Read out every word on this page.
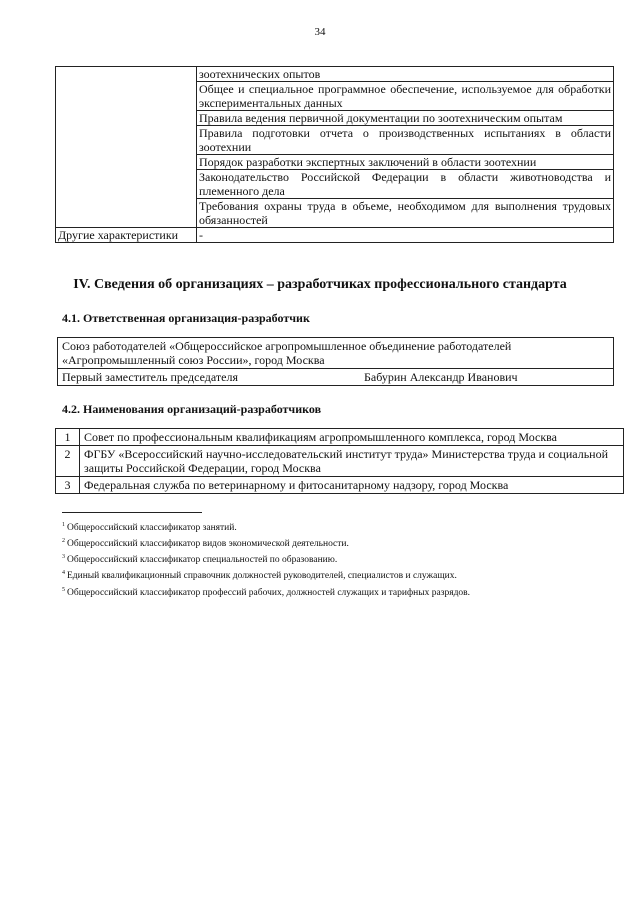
34
	зоотехнических опытов
	Общее и специальное программное обеспечение, используемое для обработки экспериментальных данных
	Правила ведения первичной документации по зоотехническим опытам
	Правила подготовки отчета о производственных испытаниях в области зоотехнии
	Порядок разработки экспертных заключений в области зоотехнии
	Законодательство Российской Федерации в области животноводства и племенного дела
	Требования охраны труда в объеме, необходимом для выполнения трудовых обязанностей
Другие характеристики	-
IV. Сведения об организациях – разработчиках профессионального стандарта
4.1. Ответственная организация-разработчик
Союз работодателей «Общероссийское агропромышленное объединение работодателей «Агропромышленный союз России», город Москва
Первый заместитель председателя	Бабурин Александр Иванович
4.2. Наименования организаций-разработчиков
1	Совет по профессиональным квалификациям агропромышленного комплекса, город Москва
2	ФГБУ «Всероссийский научно-исследовательский институт труда» Министерства труда и социальной защиты Российской Федерации, город Москва
3	Федеральная служба по ветеринарному и фитосанитарному надзору, город Москва
$^1$ Общероссийский классификатор занятий.
$^2$ Общероссийский классификатор видов экономической деятельности.
$^3$ Общероссийский классификатор специальностей по образованию.
$^4$ Единый квалификационный справочник должностей руководителей, специалистов и служащих.
$^5$ Общероссийский классификатор профессий рабочих, должностей служащих и тарифных разрядов.
